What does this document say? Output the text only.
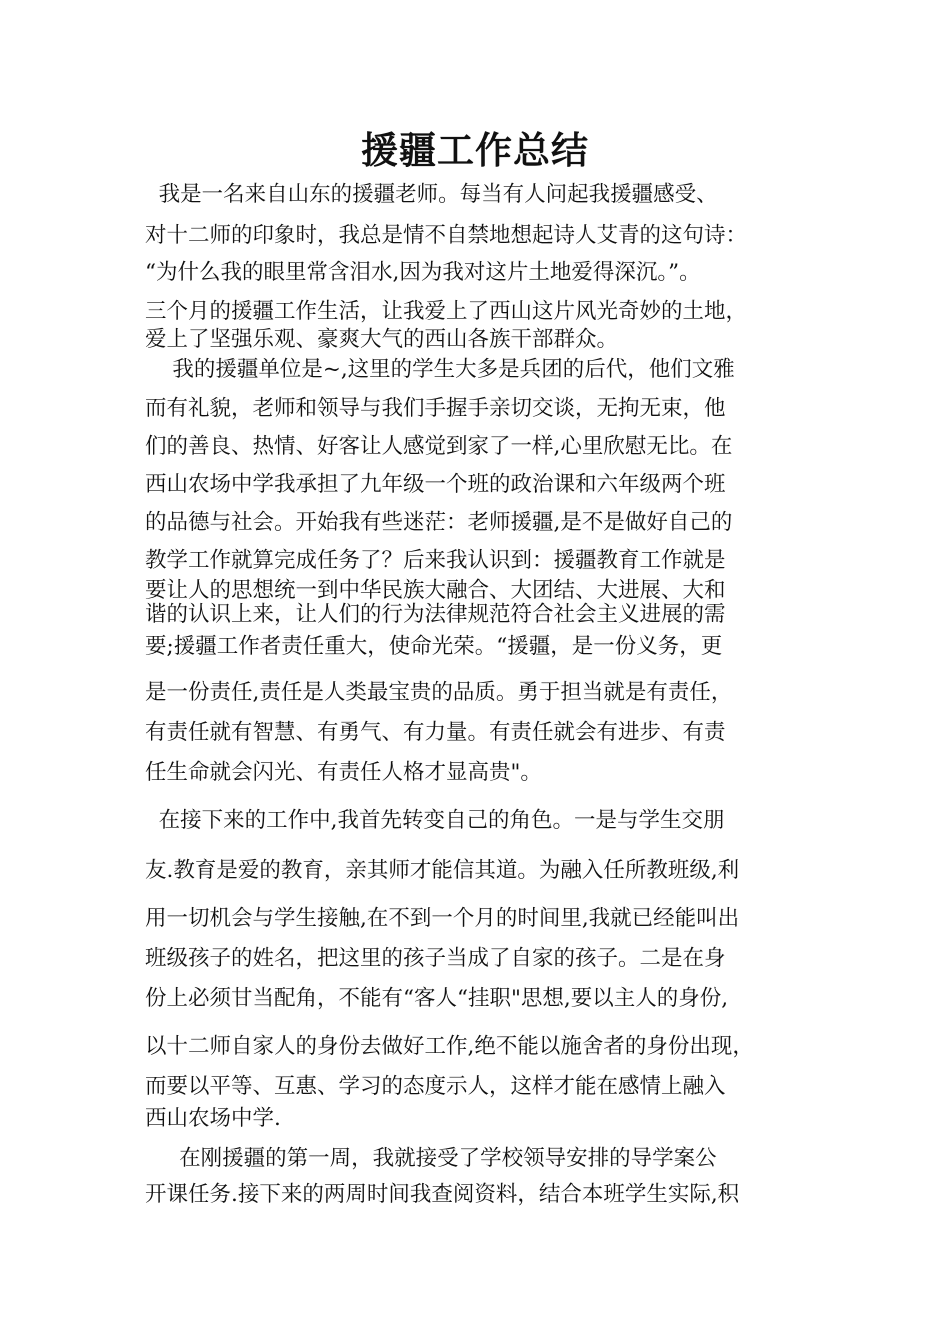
援疆工作总结

我是一名来自山东的援疆老师。每当有人问起我援疆感受、

对十二师的印象时，我总是情不自禁地想起诗人艾青的这句诗：

“为什么我的眼里常含泪水,因为我对这片土地爱得深沉。”。

三个月的援疆工作生活，让我爱上了西山这片风光奇妙的土地，

爱上了坚强乐观、豪爽大气的西山各族干部群众。

我的援疆单位是~,这里的学生大多是兵团的后代，他们文雅

而有礼貌，老师和领导与我们手握手亲切交谈，无拘无束，他

们的善良、热情、好客让人感觉到家了一样,心里欣慰无比。在

西山农场中学我承担了九年级一个班的政治课和六年级两个班

的品德与社会。开始我有些迷茫：老师援疆,是不是做好自己的

教学工作就算完成任务了？后来我认识到：援疆教育工作就是

要让人的思想统一到中华民族大融合、大团结、大进展、大和

谐的认识上来，让人们的行为法律规范符合社会主义进展的需

要;援疆工作者责任重大，使命光荣。“援疆，是一份义务，更

是一份责任,责任是人类最宝贵的品质。勇于担当就是有责任，

有责任就有智慧、有勇气、有力量。有责任就会有进步、有责

任生命就会闪光、有责任人格才显高贵"。

在接下来的工作中,我首先转变自己的角色。一是与学生交朋

友.教育是爱的教育，亲其师才能信其道。为融入任所教班级,利

用一切机会与学生接触,在不到一个月的时间里,我就已经能叫出

班级孩子的姓名，把这里的孩子当成了自家的孩子。二是在身

份上必须甘当配角，不能有“客人“挂职"思想,要以主人的身份,

以十二师自家人的身份去做好工作,绝不能以施舍者的身份出现，

而要以平等、互惠、学习的态度示人，这样才能在感情上融入

西山农场中学.

在刚援疆的第一周，我就接受了学校领导安排的导学案公

开课任务.接下来的两周时间我查阅资料，结合本班学生实际,积
